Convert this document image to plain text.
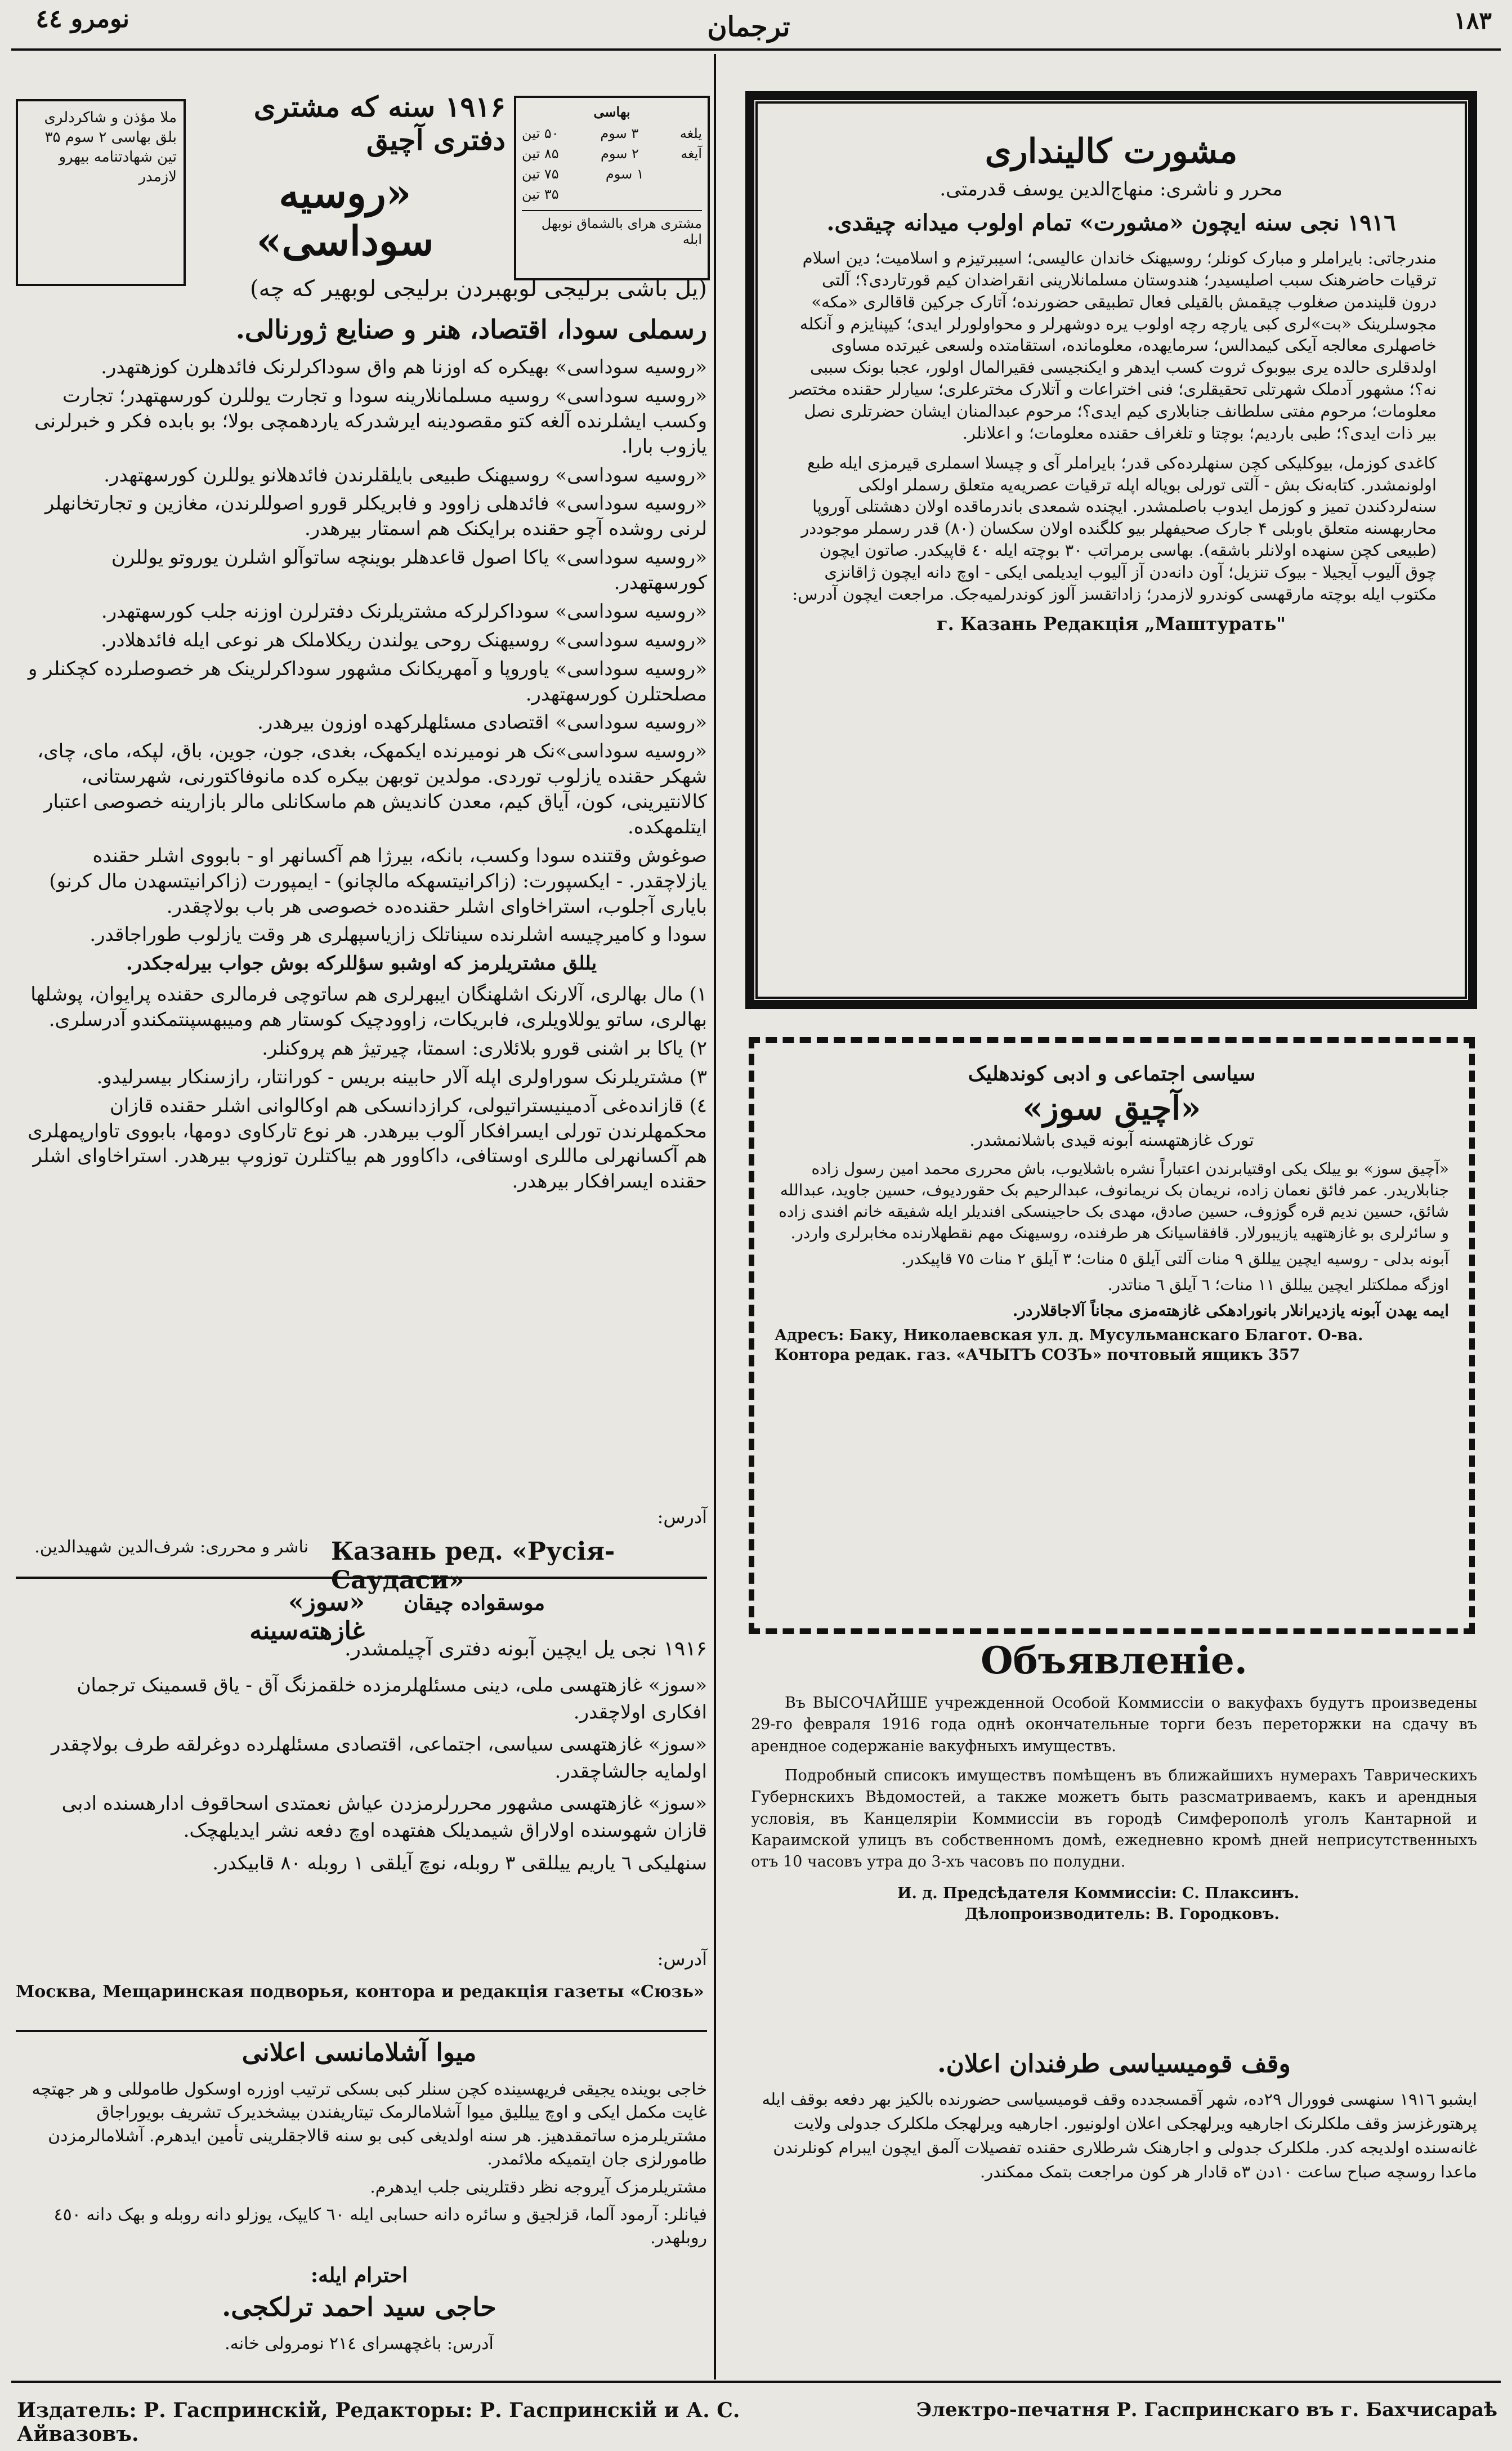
نومرو ٤٤	ترجمان	١٨٣
ملا مؤذن و شاکردلری بلق بهاسی ۲ سوم ۳۵ تین شهادتنامه بیهرو لازمدر
بهاسی
یلغه
۳ سوم
۵۰ تین
آیغه
۲ سوم
۸۵ تین
۱ سوم
۷۵ تین
۳۵ تین
مشتری هرای بالشماق نوبهل ابله
۱۹۱۶ سنه که مشتری دفتری آچیق
«روسیه سوداسی»
(یل باشی برلیجی لوبهبردن برلیجی لوبهیر که چه)
رسملی سودا، اقتصاد، هنر و صنایع ژورنالی.

«روسیه سوداسی» بهیکره که اوزنا هم واق سوداکرلرنک فائدهلرن کوزهتهدر.

«روسیه سوداسی» روسیه مسلمانلارینه سودا و تجارت یوللرن کورسهتهدر؛ تجارت وکسب ایشلرنده آلغه کتو مقصودینه ایرشدرکه یاردهمچی بولا؛ بو بابده فکر و خبرلرنی یازوب بارا.

«روسیه سوداسی» روسیهنک طبیعی بایلقلرندن فائدهلانو یوللرن کورسهتهدر.

«روسیه سوداسی» فائدهلی زاوود و فابریکلر قورو اصوللرندن، مغازین و تجارتخانهلر لرنی روشده آچو حقنده برایکنک هم اسمتار بیرهدر.

«روسیه سوداسی» یاکا اصول قاعدهلر بوینچه ساتوآلو اشلرن یوروتو یوللرن کورسهتهدر.

«روسیه سوداسی» سوداکرلرکه مشتریلرنک دفترلرن اوزنه جلب کورسهتهدر.

«روسیه سوداسی» روسیهنک روحی یولندن ریکلاملک هر نوعی ایله فائدهلادر.

«روسیه سوداسی» یاوروپا و آمهریکانک مشهور سوداکرلرینک هر خصوصلرده کچکنلر و مصلحتلرن کورسهتهدر.

«روسیه سوداسی» اقتصادی مسئلهلرکهده اوزون بیرهدر.

«روسیه سوداسی»نک هر نومیرنده ایکمهک، بغدی، جون، جوین، باق، لپکه، مای، چای، شهکر حقنده یازلوب توردی. مولدین توبهن بیکره کده مانوفاکتورنی، شهرستانی، کالانتیرینی، کون، آیاق کیم، معدن کاندیش هم ماسکانلی مالر بازارینه خصوصی اعتبار ایتلمهکده.

صوغوش وقتنده سودا وکسب، بانکه، بیرژا هم آکسانهر او - بابووی اشلر حقنده یازلاچقدر. - ایکسپورت: (زاکرانیتسهکه مالچانو) - ایمپورت (زاکرانیتسهدن مال کرنو) بایاری آجلوب، استراخاوای اشلر حقنده‌ده خصوصی هر باب بولاچقدر.

سودا و کامیرچیسه اشلرنده سیناتلک زازیاسپهلری هر وقت یازلوب طوراجاقدر.

یللق مشتریلرمز که اوشبو سؤللرکه بوش جواب بیرله‌جکدر.

۱) مال بهالری، آلارنک اشلهنگان ایبهرلری هم ساتوچی فرمالری حقنده پرایوان، پوشلها بهالری، ساتو یوللاویلری، فابریکات، زاوودچیک کوستار هم ومیبهسپنتمکندو آدرسلری.

۲) یاکا بر اشنی قورو بلائلاری: اسمتا، چیرتیژ هم پروکنلر.

۳) مشتریلرنک سوراولری اپله آلار حابینه بریس - کورانتار، رازسنکار بیسرلیدو.

٤) قازانده‌غی آدمینیستراتیولی، کرازدانسکی هم اوکالوانی اشلر حقنده قازان محکمهلرندن تورلی ایسرافکار آلوب بیرهدر. هر نوع تارکاوی دومها، بابووی تاوارپمهلری هم آکسانهرلی ماللری اوستافی، داکاوور هم بیاکتلرن توزوپ بیرهدر. استراخاوای اشلر حقنده ایسرافکار بیرهدر.

آدرس:
ناشر و محرری: شرف‌الدین شهیدالدین. Казань ред. «Русія-Саудаси»
موسقواده چیقان
«سوز» غازهته‌سینه
۱۹۱۶ نجی یل ایچین آبونه دفتری آچیلمشدر.

«سوز» غازهتهسی ملی، دینی مسئلهلرمزده خلقمزنگ آق - یاق قسمینک ترجمان افکاری اولاچقدر.

«سوز» غازهتهسی سیاسی، اجتماعی، اقتصادی مسئلهلرده دوغرلقه طرف بولاچقدر اولمایه جالشاچقدر.

«سوز» غازهتهسی مشهور محررلرمزدن عیاش نعمتدی اسحاقوف ادارهسنده ادبی قازان شهوسنده اولاراق شیمدیلک هفتهده اوچ دفعه نشر ایدیلهچک.

سنهلیکی ٦ یاریم ییللقی ۳ روبله، نوچ آیلقی ۱ روبله ۸۰ قابیکدر.

آدرس:
Москва, Мещаринская подворья, контора и редакція газеты «Сюзь»
میوا آشلامانسی اعلانی

خاجی بوینده یجیقی فریهسینده کچن سنلر کبی بسکی ترتیب اوزره اوسکول طاموللی و هر جهتچه غایت مکمل ایکی و اوچ ییللیق میوا آشلامالرمک تیتاریفندن بیشخدیرک تشریف بویوراجاق مشتریلرمزه ساتمقدهیز. هر سنه اولدیغی کبی بو سنه قالاجقلرینی تأمین ایدهرم. آشلامالرمزدن طامورلزی جان ایتمیکه ملائمدر.

مشتریلرمزک آیروجه نظر دقتلرینی جلب ایدهرم.

فیانلر: آرمود آلما، قزلجیق و سائره دانه حسابی ایله ٦٠ کایپک، یوزلو دانه روبله و بهک دانه ٤٥٠ روبلهدر.

احترام ایله:
حاجی سید احمد ترلکجی.
آدرس: باغچهسرای ۲۱٤ نومرولی خانه.
مشورت کالینداری
محرر و ناشری: منهاج‌الدین یوسف قدرمتی.
۱۹۱٦ نجی سنه ایچون «مشورت» تمام اولوب میدانه چیقدی.
مندرجاتی: بایراملر و مبارک کونلر؛ روسیهنک خاندان عالیسی؛ اسیبرتیزم و اسلامیت؛ دین اسلام ترقیات حاضرهنک سبب اصلیسیدر؛ هندوستان مسلمانلارینی انقراضدان کیم قورتاردی؟؛ آلتی درون قلیندمن صغلوب چیقمش بالقیلی فعال تطبیقی حضورنده؛ آتارک جرکین قاقالری «مکه» مجوسلرینک «بت»لری کبی یارچه رچه اولوب یره دوشهرلر و محواولورلر ایدی؛ کیپنایزم و آنکله خاصهلری معالجه آیکی کیمدالس؛ سرمایهده، معلومانده، استقامتده ولسعی غیرتده مساوی اولدقلری حالده یری بیوبوک ثروت کسب ایدهر و ایکنجیسی فقیرالمال اولور، عجبا بونک سببی نه؟؛ مشهور آدملک شهرتلی تحقیقلری؛ فنی اختراعات و آتلارک مخترعلری؛ سیارلر حقنده مختصر معلومات؛ مرحوم مفتی سلطانف جنابلاری کیم ایدی؟؛ مرحوم عبدالمنان ایشان حضرتلری نصل بیر ذات ایدی؟؛ طبی باردیم؛ بوچتا و تلغراف حقنده معلومات؛ و اعلانلر.
کاغدی کوزمل، بیوکلیکی کچن سنهلرده‌کی قدر؛ بایراملر آی و چیسلا اسملری قیرمزی ایله طبع اولونمشدر. کتابه‌نک بش - آلتی تورلی بویاله اپله ترقیات عصریه‌یه متعلق رسملر اولکی سنه‌لردکندن تمیز و کوزمل ایدوب باصلمشدر. ایچنده شمعدی باندرماقده اولان دهشتلی آوروپا محاربهسنه متعلق باوبلی ۴ جارک صحیفهلر بیو کلگنده اولان سکسان (۸۰) قدر رسملر موجوددر (طبیعی کچن سنهده اولانلر باشقه). بهاسی برمراتب ۳۰ بوچته ایله ٤٠ قاپیکدر. صاتون ایچون چوق آلیوب آیجیلا - بیوک تنزیل؛ آون دانه‌دن آز آلیوب ایدیلمی ایکی - اوچ دانه ایچون ژاقانزی مکتوب ایله بوچته مارقهسی کوندرو لازمدر؛ زاداتقسز آلوز کوندرلمیه‌جک. مراجعت ایچون آدرس:
г. Казань Редакція „Маштурать"
سیاسی اجتماعی و ادبی کوندهلیک
«آچیق سوز»
تورک غازهتهسنه آبونه قیدی باشلانمشدر.

«آچیق سوز» بو ییلک یکی اوقتیابرندن اعتباراً نشره باشلایوب، باش محرری محمد امین رسول زاده جنابلاریدر. عمر فائق نعمان زاده، نریمان بک نریمانوف، عبدالرحیم بک حقوردیوف، حسین جاوید، عبدالله شائق، حسین ندیم قره گوزوف، حسین صادق، مهدی بک حاجینسکی افندیلر ایله شفیقه خانم افندی زاده و سائرلری بو غازهتهیه یازیبورلار. قافقاسیانک هر طرفنده، روسیهنک مهم نقطهلارنده مخابرلری واردر.

آبونه بدلی - روسیه ایچین ییللق ۹ منات آلتی آیلق ٥ منات؛ ۳ آیلق ۲ منات ۷٥ قاپیکدر.

اوزگه مملکتلر ایچین ییللق ۱۱ منات؛ ٦ آیلق ٦ مناتدر.

ایمه یهدن آبونه یازدیرانلار بانورادهکی غازهته‌مزی مجاناً آلاجاقلاردر.

Адресъ: Баку, Николаевская ул. д. Мусульманскаго Благот. О-ва.
Контора редак. газ. «АЧЫТЪ СОЗЪ» почтовый ящикъ 357
Объявленіе.
Въ ВЫСОЧАЙШЕ учрежденной Особой Коммиссіи о вакуфахъ будутъ произведены 29-го февраля 1916 года однѣ окончательные торги безъ переторжки на сдачу въ арендное содержаніе вакуфныхъ имуществъ.
Подробный списокъ имуществъ помѣщенъ въ ближайшихъ нумерахъ Таврическихъ Губернскихъ Вѣдомостей, а также можетъ быть разсматриваемъ, какъ и арендныя условія, въ Канцеляріи Коммиссіи въ городѣ Симферополѣ уголъ Кантарной и Караимской улицъ въ собственномъ домѣ, ежедневно кромѣ дней неприсутственныхъ отъ 10 часовъ утра до 3-хъ часовъ по полудни.
И. д. Предсѣдателя Коммиссіи: С. Плаксинъ.
Дѣлопроизводитель: В. Городковъ.
وقف قومیسیاسی طرفندان اعلان.
ایشبو ۱۹۱٦ سنهسی فوورال ۲۹ده، شهر آقمسجدده وقف قومیسیاسی حضورنده بالکیز بهر دفعه بوقف ایله پرهتورغزسز وقف ملکلرنک اجارهیه ویرلهجکی اعلان اولونیور. اجارهیه ویرلهجک ملکلرک جدولی ولایت غانه‌سنده اولدیجه کدر. ملکلرک جدولی و اجارهنک شرطلاری حقنده تفصیلات آلمق ایچون ایبرام کونلرندن ماعدا روسچه صباح ساعت ۱۰دن ۳ه قادار هر کون مراجعت بتمک ممکندر.
Издатель: Р. Гаспринскій, Редакторы: Р. Гаспринскій и А. С. Айвазовъ.
Электро-печатня Р. Гаспринскаго въ г. Бахчисараѣ
